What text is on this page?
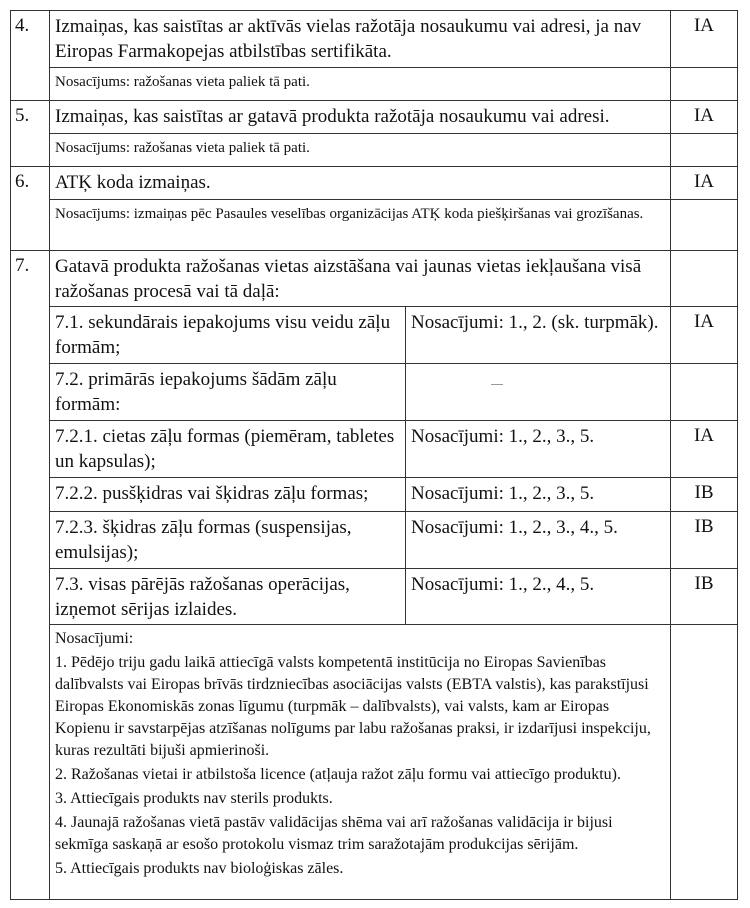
4.	Izmaiņas, kas saistītas ar aktīvās vielas ražotāja nosaukumu vai adresi, ja nav Eiropas Farmakopejas atbilstības sertifikāta.		IA
	Nosacījums: ražošanas vieta paliek tā pati.		
5.	Izmaiņas, kas saistītas ar gatavā produkta ražotāja nosaukumu vai adresi.		IA
	Nosacījums: ražošanas vieta paliek tā pati.		
6.	ATĶ koda izmaiņas.		IA
	Nosacījums: izmaiņas pēc Pasaules veselības organizācijas ATĶ koda piešķiršanas vai grozīšanas.		
7.	Gatavā produkta ražošanas vietas aizstāšana vai jaunas vietas iekļaušana visā ražošanas procesā vai tā daļā:		
	7.1. sekundārais iepakojums visu veidu zāļu formām;	Nosacījumi: 1., 2. (sk. turpmāk).	IA
	7.2. primārās iepakojums šādām zāļu formām:		
	7.2.1. cietas zāļu formas (piemēram, tabletes un kapsulas);	Nosacījumi: 1., 2., 3., 5.	IA
	7.2.2. pusšķidras vai šķidras zāļu formas;	Nosacījumi: 1., 2., 3., 5.	IB
	7.2.3. šķidras zāļu formas (suspensijas, emulsijas);	Nosacījumi: 1., 2., 3., 4., 5.	IB
	7.3. visas pārējās ražošanas operācijas, izņemot sērijas izlaides.	Nosacījumi: 1., 2., 4., 5.	IB

Nosacījumi:

1. Pēdējo triju gadu laikā attiecīgā valsts kompetentā institūcija no Eiropas Savienības dalībvalsts vai Eiropas brīvās tirdzniecības asociācijas valsts (EBTA valstis), kas parakstījusi Eiropas Ekonomiskās zonas līgumu (turpmāk – dalībvalsts), vai valsts, kam ar Eiropas Kopienu ir savstarpējas atzīšanas nolīgums par labu ražošanas praksi, ir izdarījusi inspekciju, kuras rezultāti bijuši apmierinoši.

2. Ražošanas vietai ir atbilstoša licence (atļauja ražot zāļu formu vai attiecīgo produktu).

3. Attiecīgais produkts nav sterils produkts.

4. Jaunajā ražošanas vietā pastāv validācijas shēma vai arī ražošanas validācija ir bijusi sekmīga saskaņā ar esošo protokolu vismaz trim saražotajām produkcijas sērijām.

5. Attiecīgais produkts nav bioloģiskas zāles.
